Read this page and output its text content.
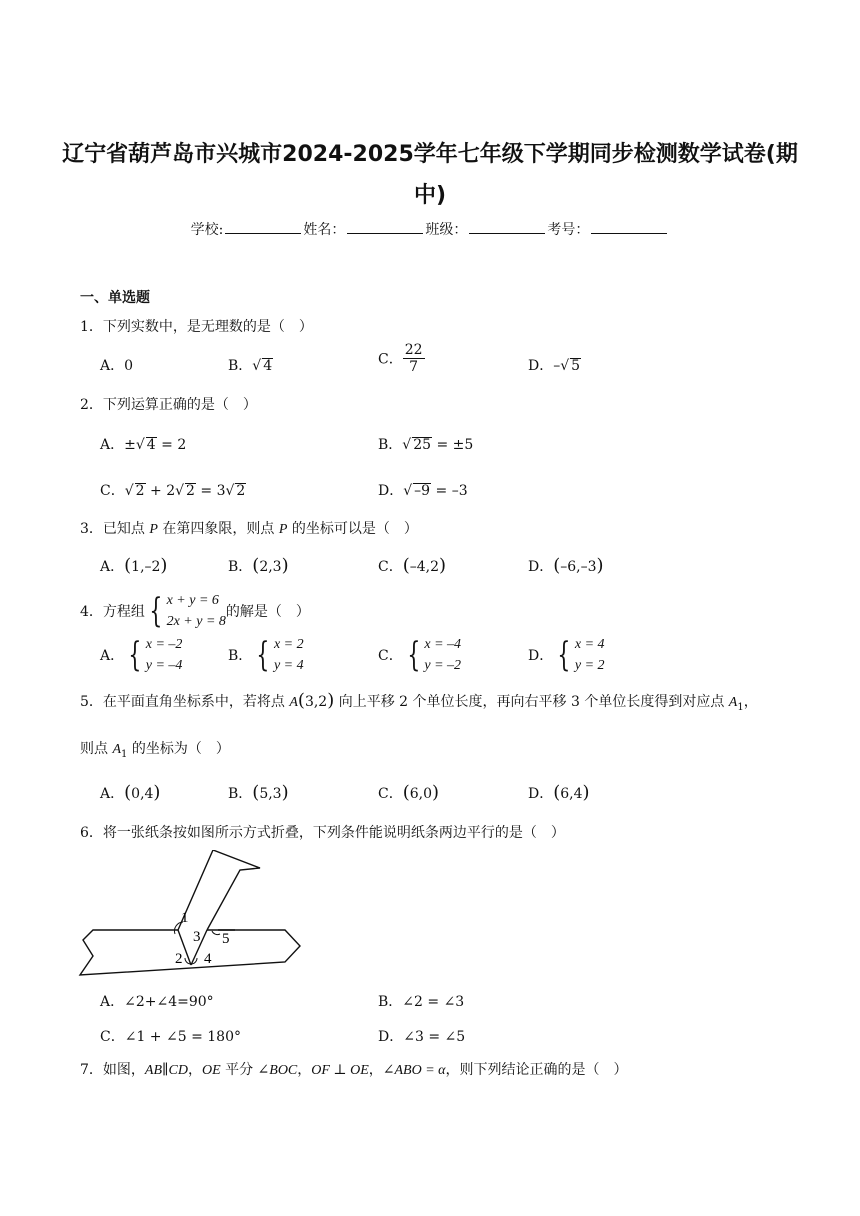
辽宁省葫芦岛市兴城市2024-2025学年七年级下学期同步检测数学试卷(期
中)
学校:	姓名：	班级：	考号：
一、单选题
1．下列实数中，是无理数的是（　）
A．0	B．√ 4	C． $\frac{22}{7}$	D．–√ 5
2．下列运算正确的是（　）
A．±√ 4 = 2	B．√ 25 = ±5
C．√ 2 + 2√ 2 = 3√ 2	D．√ –9 = –3
3．已知点 P 在第四象限，则点 P 的坐标可以是（　）
A．(1,–2)	B．(2,3)	C．(–4,2)	D．(–6,–3)
4．方程组 { x + y = 6
2x + y = 8
的解是（　）
A． { x = –2
y = –4
B． { x = 2
y = 4
C． { x = –4
y = –2
D． { x = 4
y = 2
5．在平面直角坐标系中，若将点 A(3,2) 向上平移 2 个单位长度，再向右平移 3 个单位长度得到对应点 $A_1$，
则点 $A_1$ 的坐标为（　）
A．(0,4)	B．(5,3)	C．(6,0)	D．(6,4)
6．将一张纸条按如图所示方式折叠，下列条件能说明纸条两边平行的是（　）
1
3 5
2 4
A．∠2+∠4=90°	B．∠2 = ∠3
C．∠1 + ∠5 = 180°	D．∠3 = ∠5
7．如图，AB∥CD，OE 平分 ∠BOC，OF ⊥ OE，∠ABO = α，则下列结论正确的是（　）
